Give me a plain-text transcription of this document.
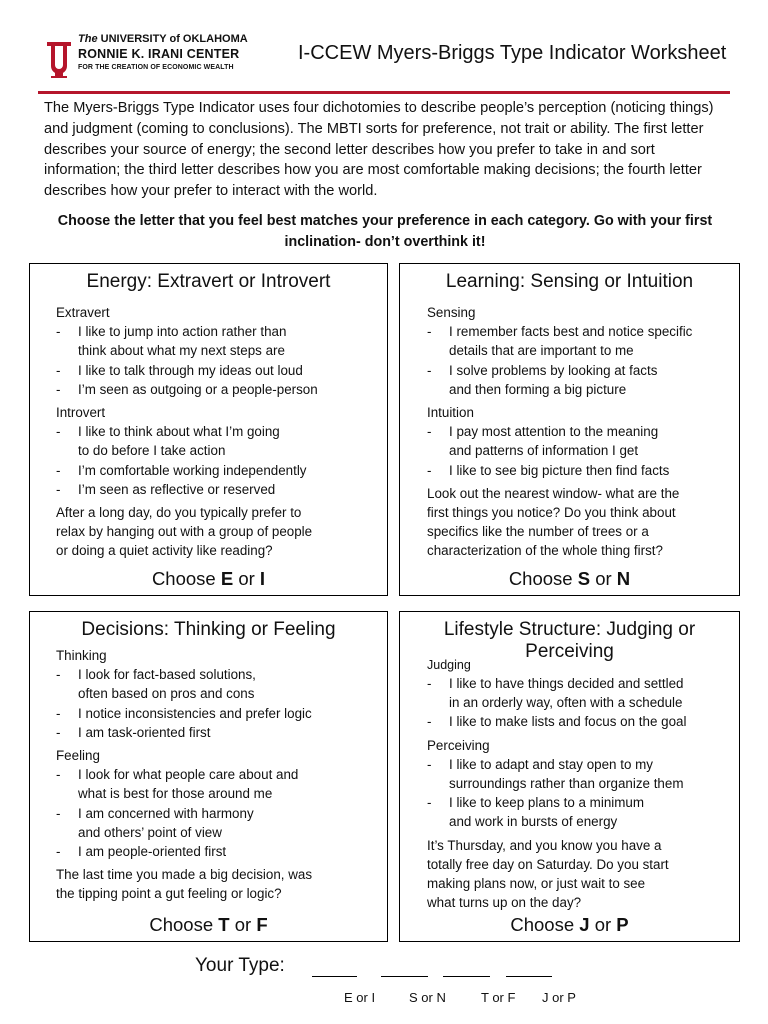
The UNIVERSITY of OKLAHOMA
RONNIE K. IRANI CENTER
FOR THE CREATION OF ECONOMIC WEALTH
I-CCEW Myers-Briggs Type Indicator Worksheet
The Myers-Briggs Type Indicator uses four dichotomies to describe people’s perception (noticing things) and judgment (coming to conclusions). The MBTI sorts for preference, not trait or ability. The first letter describes your source of energy; the second letter describes how you prefer to take in and sort information; the third letter describes how you are most comfortable making decisions; the fourth letter describes how your prefer to interact with the world.
Choose the letter that you feel best matches your preference in each category. Go with your first inclination- don’t overthink it!
Energy: Extravert or Introvert

Extravert

- I like to jump into action rather than
think about what my next steps are

- I like to talk through my ideas out loud

- I’m seen as outgoing or a people-person

Introvert

- I like to think about what I’m going
to do before I take action

- I’m comfortable working independently

- I’m seen as reflective or reserved

After a long day, do you typically prefer to
relax by hanging out with a group of people
or doing a quiet activity like reading?

Choose E or I
Learning: Sensing or Intuition

Sensing

- I remember facts best and notice specific
details that are important to me

- I solve problems by looking at facts
and then forming a big picture

Intuition

- I pay most attention to the meaning
and patterns of information I get

- I like to see big picture then find facts

Look out the nearest window- what are the
first things you notice? Do you think about
specifics like the number of trees or a
characterization of the whole thing first?

Choose S or N
Decisions: Thinking or Feeling

Thinking

- I look for fact-based solutions,
often based on pros and cons

- I notice inconsistencies and prefer logic

- I am task-oriented first

Feeling

- I look for what people care about and
what is best for those around me

- I am concerned with harmony
and others’ point of view

- I am people-oriented first

The last time you made a big decision, was
the tipping point a gut feeling or logic?

Choose T or F
Lifestyle Structure: Judging or
Perceiving

Judging

- I like to have things decided and settled
in an orderly way, often with a schedule

- I like to make lists and focus on the goal

Perceiving

- I like to adapt and stay open to my
surroundings rather than organize them

- I like to keep plans to a minimum
and work in bursts of energy

It’s Thursday, and you know you have a
totally free day on Saturday. Do you start
making plans now, or just wait to see
what turns up on the day?

Choose J or P
Your Type:
E or I	S or N	T or F J or P
